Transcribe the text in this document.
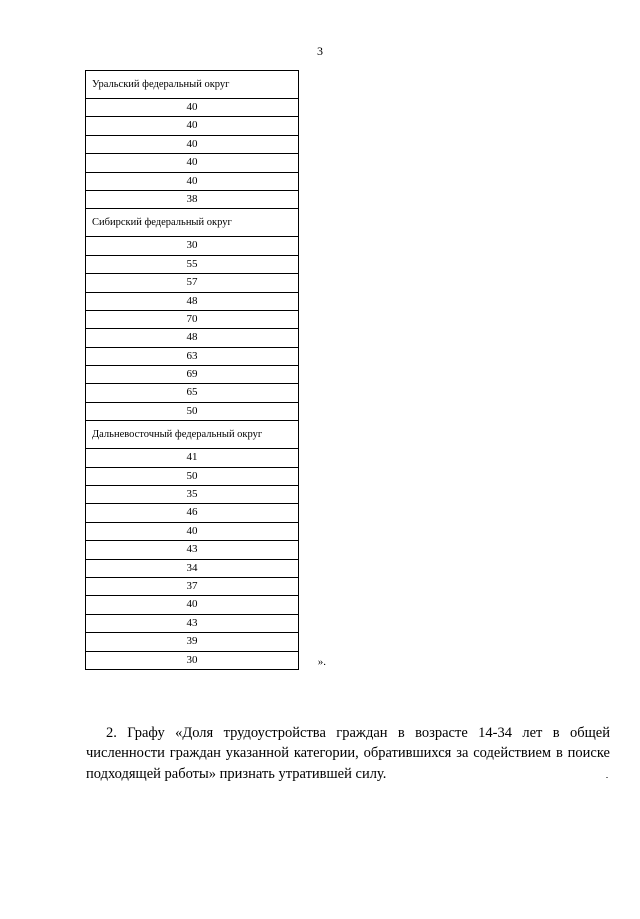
3
Уральский федеральный округ
40
40
40
40
40
38
Сибирский федеральный округ
30
55
57
48
70
48
63
69
65
50
Дальневосточный федеральный округ
41
50
35
46
40
43
34
37
40
43
39
30	».

2. Графу «Доля трудоустройства граждан в возрасте 14-34 лет в общей численности граждан указанной категории, обратившихся за содействием в поиске подходящей работы» признать утратившей силу.
